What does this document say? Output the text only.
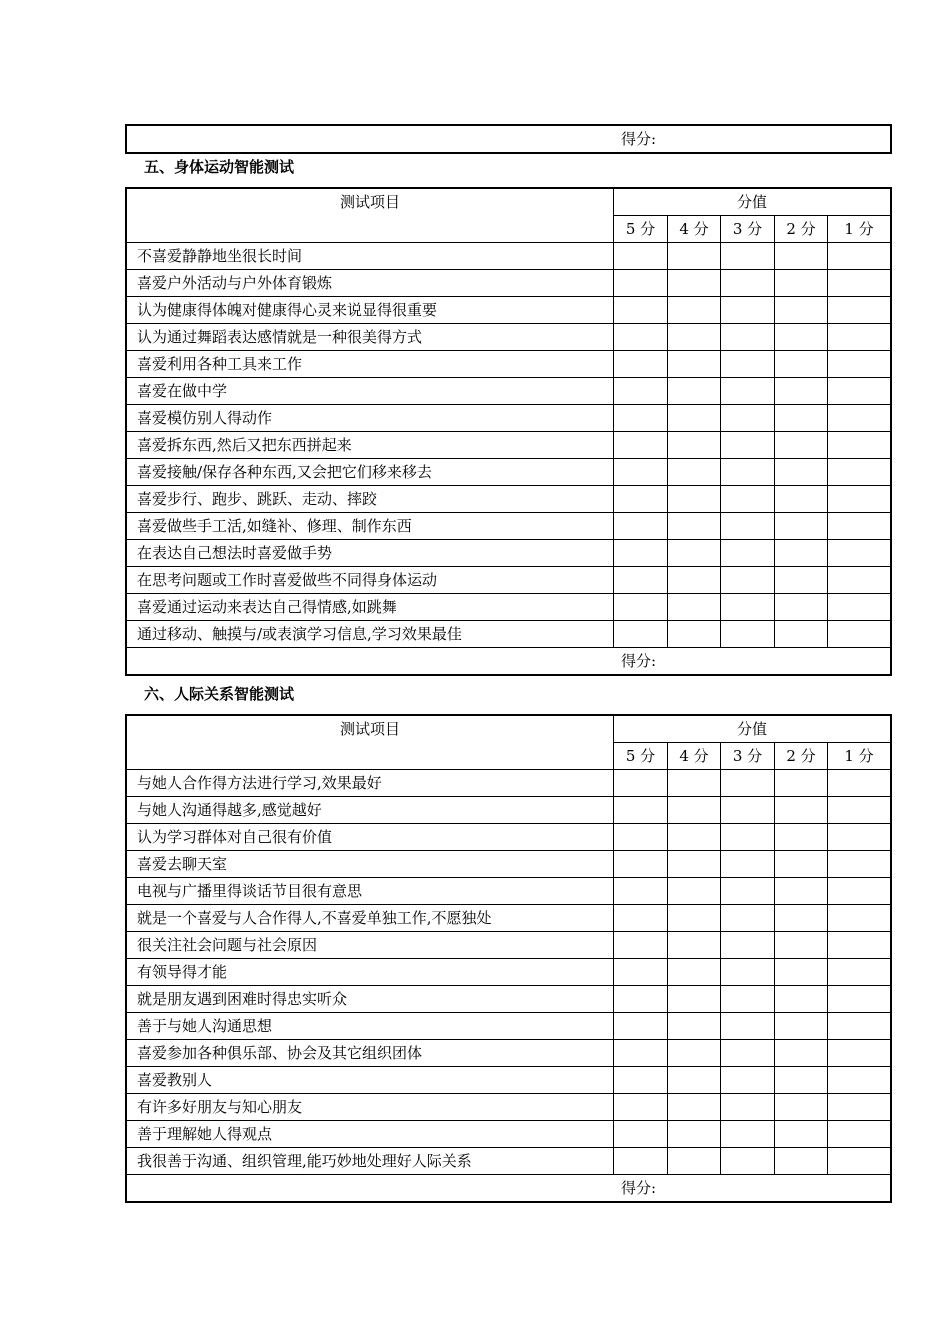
得分:
五、身体运动智能测试
测试项目	分值				
	5 分	4 分	3 分	2 分	1 分
不喜爱静静地坐很长时间					
喜爱户外活动与户外体育锻炼					
认为健康得体魄对健康得心灵来说显得很重要					
认为通过舞蹈表达感情就是一种很美得方式					
喜爱利用各种工具来工作					
喜爱在做中学					
喜爱模仿别人得动作					
喜爱拆东西,然后又把东西拼起来					
喜爱接触/保存各种东西,又会把它们移来移去					
喜爱步行、跑步、跳跃、走动、摔跤					
喜爱做些手工活,如缝补、修理、制作东西					
在表达自己想法时喜爱做手势					
在思考问题或工作时喜爱做些不同得身体运动					
喜爱通过运动来表达自己得情感,如跳舞					
通过移动、触摸与/或表演学习信息,学习效果最佳					
得分:					
六、人际关系智能测试
测试项目	分值				
	5 分	4 分	3 分	2 分	1 分
与她人合作得方法进行学习,效果最好					
与她人沟通得越多,感觉越好					
认为学习群体对自己很有价值					
喜爱去聊天室					
电视与广播里得谈话节目很有意思					
就是一个喜爱与人合作得人,不喜爱单独工作,不愿独处					
很关注社会问题与社会原因					
有领导得才能					
就是朋友遇到困难时得忠实听众					
善于与她人沟通思想					
喜爱参加各种俱乐部、协会及其它组织团体					
喜爱教别人					
有许多好朋友与知心朋友					
善于理解她人得观点					
我很善于沟通、组织管理,能巧妙地处理好人际关系					
得分:					
